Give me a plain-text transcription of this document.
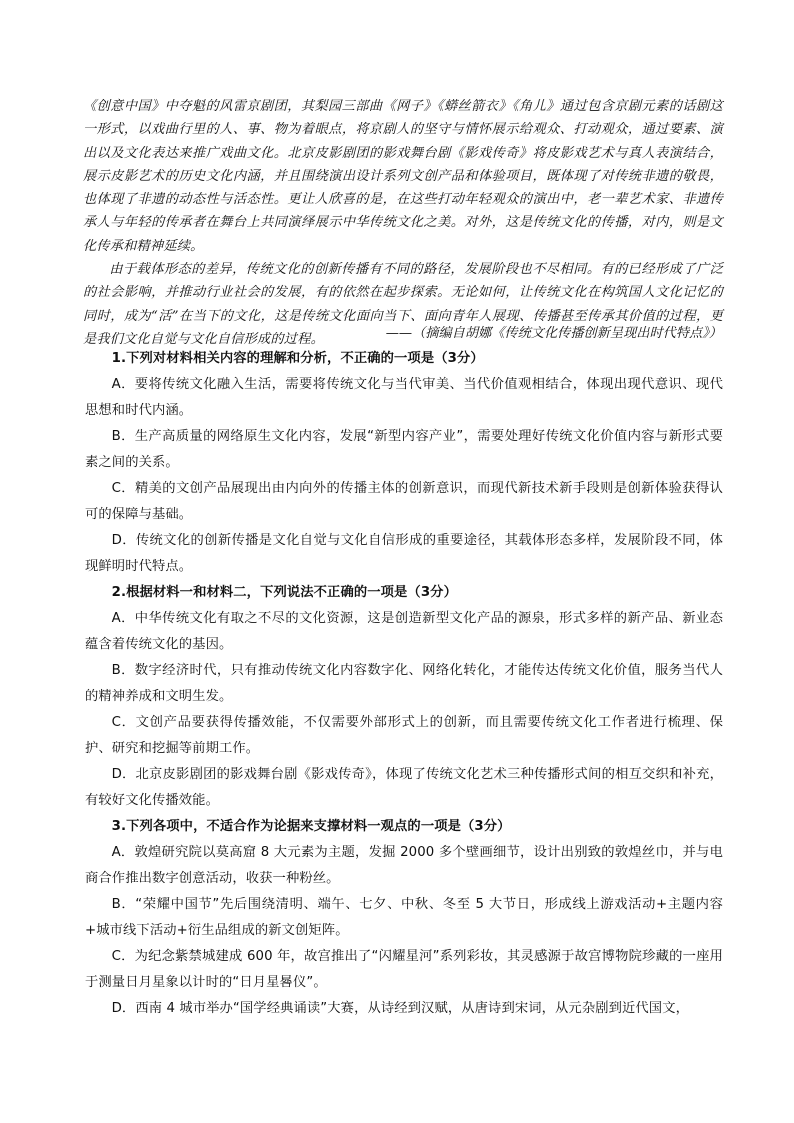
《创意中国》中夺魁的风雷京剧团，其梨园三部曲《网子》《蟒丝箭衣》《角儿》通过包含京剧元素的话剧这一形式，以戏曲行里的人、事、物为着眼点，将京剧人的坚守与情怀展示给观众、打动观众，通过要素、演出以及文化表达来推广戏曲文化。北京皮影剧团的影戏舞台剧《影戏传奇》将皮影戏艺术与真人表演结合，展示皮影艺术的历史文化内涵，并且围绕演出设计系列文创产品和体验项目，既体现了对传统非遗的敬畏，也体现了非遗的动态性与活态性。更让人欣喜的是，在这些打动年轻观众的演出中，老一辈艺术家、非遗传承人与年轻的传承者在舞台上共同演绎展示中华传统文化之美。对外，这是传统文化的传播，对内，则是文化传承和精神延续。

由于载体形态的差异，传统文化的创新传播有不同的路径，发展阶段也不尽相同。有的已经形成了广泛的社会影响，并推动行业社会的发展，有的依然在起步探索。无论如何，让传统文化在构筑国人文化记忆的同时，成为“活”在当下的文化，这是传统文化面向当下、面向青年人展现、传播甚至传承其价值的过程，更是我们文化自觉与文化自信形成的过程。	——（摘编自胡娜《传统文化传播创新呈现出时代特点》）

1.下列对材料相关内容的理解和分析，不正确的一项是（3分）

A．要将传统文化融入生活，需要将传统文化与当代审美、当代价值观相结合，体现出现代意识、现代思想和时代内涵。

B．生产高质量的网络原生文化内容，发展“新型内容产业”，需要处理好传统文化价值内容与新形式要素之间的关系。

C．精美的文创产品展现出由内向外的传播主体的创新意识，而现代新技术新手段则是创新体验获得认可的保障与基础。

D．传统文化的创新传播是文化自觉与文化自信形成的重要途径，其载体形态多样，发展阶段不同，体现鲜明时代特点。

2.根据材料一和材料二，下列说法不正确的一项是（3分）

A．中华传统文化有取之不尽的文化资源，这是创造新型文化产品的源泉，形式多样的新产品、新业态蕴含着传统文化的基因。

B．数字经济时代，只有推动传统文化内容数字化、网络化转化，才能传达传统文化价值，服务当代人的精神养成和文明生发。

C．文创产品要获得传播效能，不仅需要外部形式上的创新，而且需要传统文化工作者进行梳理、保护、研究和挖掘等前期工作。

D．北京皮影剧团的影戏舞台剧《影戏传奇》，体现了传统文化艺术三种传播形式间的相互交织和补充，有较好文化传播效能。

3.下列各项中，不适合作为论据来支撑材料一观点的一项是（3分）

A．敦煌研究院以莫高窟 8 大元素为主题，发掘 2000 多个壁画细节，设计出别致的敦煌丝巾，并与电商合作推出数字创意活动，收获一种粉丝。

B．“荣耀中国节”先后围绕清明、端午、七夕、中秋、冬至 5 大节日，形成线上游戏活动+主题内容+城市线下活动+衍生品组成的新文创矩阵。

C．为纪念紫禁城建成 600 年，故宫推出了“闪耀星河”系列彩妆，其灵感源于故宫博物院珍藏的一座用于测量日月星象以计时的“日月星晷仪”。

D．西南 4 城市举办“国学经典诵读”大赛，从诗经到汉赋，从唐诗到宋词，从元杂剧到近代国文，
